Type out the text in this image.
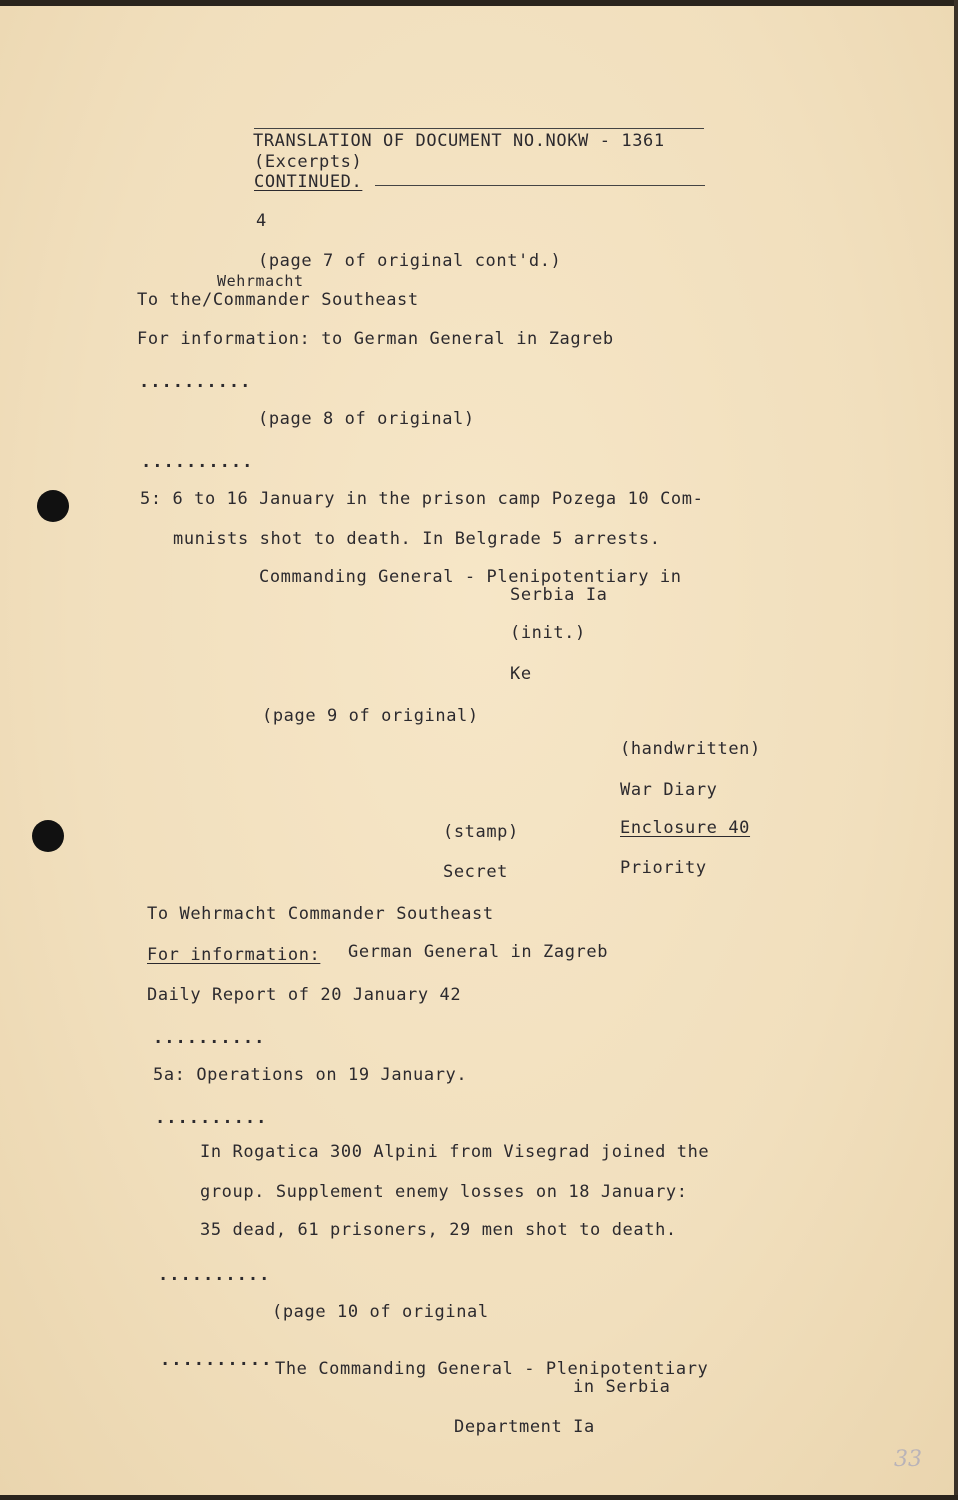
TRANSLATION OF DOCUMENT NO.NOKW - 1361
(Excerpts)
CONTINUED.
4
(page 7 of original cont'd.)
Wehrmacht
To the/Commander Southeast
For information: to German General in Zagreb
..........
(page 8 of original)
..........
5: 6 to 16 January in the prison camp Pozega 10 Com-
munists shot to death. In Belgrade 5 arrests.
Commanding General - Plenipotentiary in
Serbia Ia
(init.)
Ke
(page 9 of original)
(handwritten)
War Diary
(stamp)	Enclosure 40
Secret	Priority
To Wehrmacht Commander Southeast
For information: German General in Zagreb
Daily Report of 20 January 42
..........
5a: Operations on 19 January.
..........
In Rogatica 300 Alpini from Visegrad joined the
group. Supplement enemy losses on 18 January:
35 dead, 61 prisoners, 29 men shot to death.
..........
(page 10 of original
.......... The Commanding General - Plenipotentiary
in Serbia
Department Ia
33
